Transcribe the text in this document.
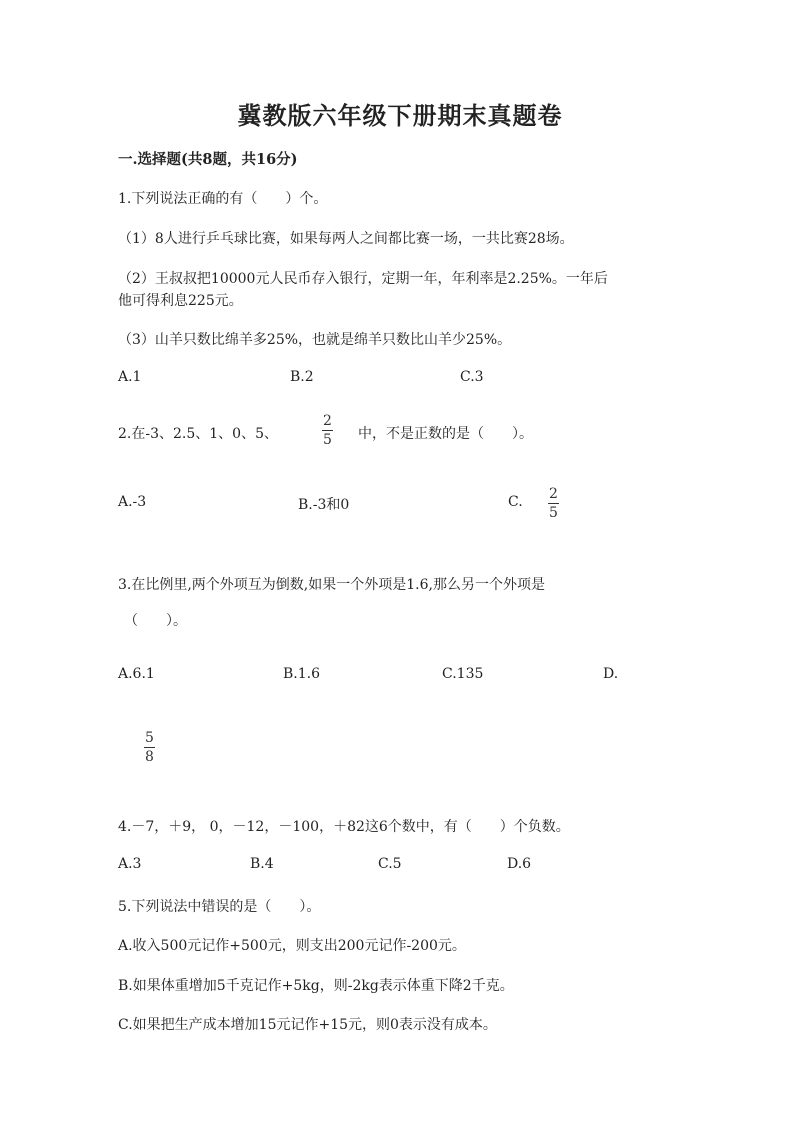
冀教版六年级下册期末真题卷
一.选择题(共8题，共16分)
1.下列说法正确的有（　　）个。
（1）8人进行乒乓球比赛，如果每两人之间都比赛一场，一共比赛28场。
（2）王叔叔把10000元人民币存入银行，定期一年，年利率是2.25%。一年后
他可得利息225元。
（3）山羊只数比绵羊多25%，也就是绵羊只数比山羊少25%。
A.1	B.2	C.3
2.在-3、2.5、1、0、5、
2
5 中，不是正数的是（　　）。
A.-3	B.-3和0	C. 2
5
3.在比例里,两个外项互为倒数,如果一个外项是1.6,那么另一个外项是
（　　）。
A.6.1	B.1.6	C.135	D.
5
8
4.－7，＋9， 0，－12，－100，＋82这6个数中，有（　　）个负数。
A.3	B.4	C.5	D.6
5.下列说法中错误的是（　　）。
A.收入500元记作+500元，则支出200元记作-200元。
B.如果体重增加5千克记作+5kg，则-2kg表示体重下降2千克。
C.如果把生产成本增加15元记作+15元，则0表示没有成本。
